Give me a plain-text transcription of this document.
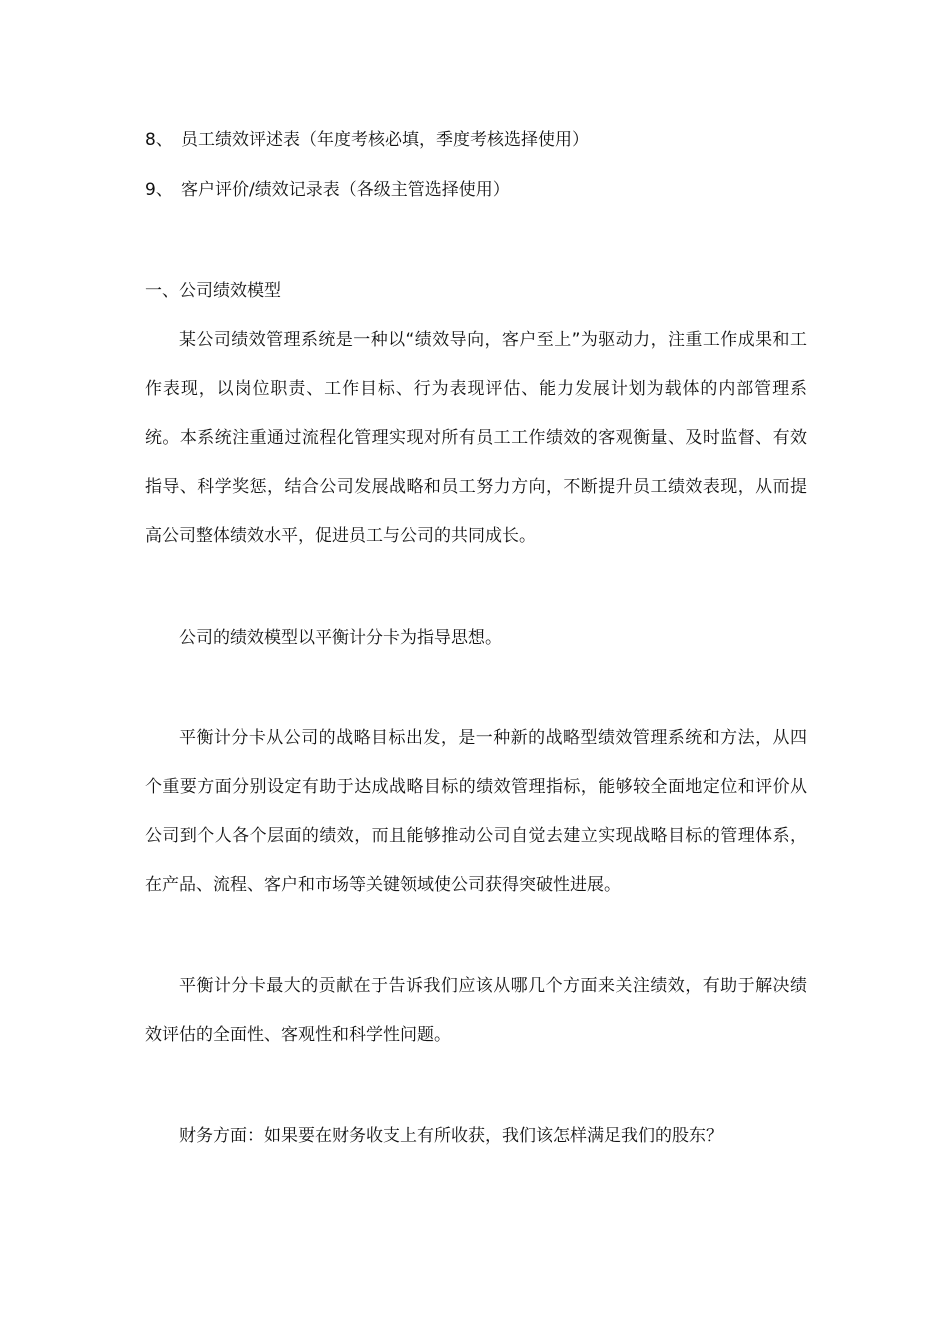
8、 员工绩效评述表（年度考核必填，季度考核选择使用）
9、 客户评价/绩效记录表（各级主管选择使用）
一、公司绩效模型

某公司绩效管理系统是一种以“绩效导向，客户至上”为驱动力，注重工作成果和工作表现，以岗位职责、工作目标、行为表现评估、能力发展计划为载体的内部管理系统。本系统注重通过流程化管理实现对所有员工工作绩效的客观衡量、及时监督、有效指导、科学奖惩，结合公司发展战略和员工努力方向，不断提升员工绩效表现，从而提高公司整体绩效水平，促进员工与公司的共同成长。

公司的绩效模型以平衡计分卡为指导思想。

平衡计分卡从公司的战略目标出发，是一种新的战略型绩效管理系统和方法，从四个重要方面分别设定有助于达成战略目标的绩效管理指标，能够较全面地定位和评价从公司到个人各个层面的绩效，而且能够推动公司自觉去建立实现战略目标的管理体系，在产品、流程、客户和市场等关键领域使公司获得突破性进展。

平衡计分卡最大的贡献在于告诉我们应该从哪几个方面来关注绩效，有助于解决绩效评估的全面性、客观性和科学性问题。

财务方面：如果要在财务收支上有所收获，我们该怎样满足我们的股东？
